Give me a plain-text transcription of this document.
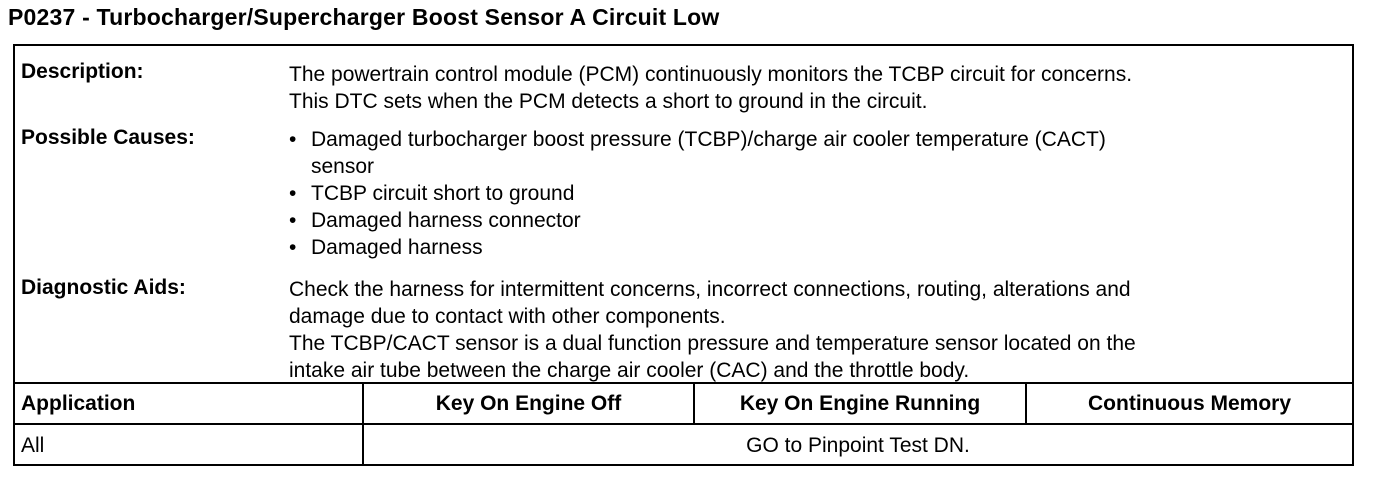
P0237 - Turbocharger/Supercharger Boost Sensor A Circuit Low
Description:	The powertrain control module (PCM) continuously monitors the TCBP circuit for concerns.

This DTC sets when the PCM detects a short to ground in the circuit.

Possible Causes:
•	Damaged turbocharger boost pressure (TCBP)/charge air cooler temperature (CACT)
sensor
• TCBP circuit short to ground
• Damaged harness connector
• Damaged harness
Diagnostic Aids:	Check the harness for intermittent concerns, incorrect connections, routing, alterations and

damage due to contact with other components.

The TCBP/CACT sensor is a dual function pressure and temperature sensor located on the

intake air tube between the charge air cooler (CAC) and the throttle body.

Application	Key On Engine Off	Key On Engine Running	Continuous Memory
All	GO to Pinpoint Test DN.
